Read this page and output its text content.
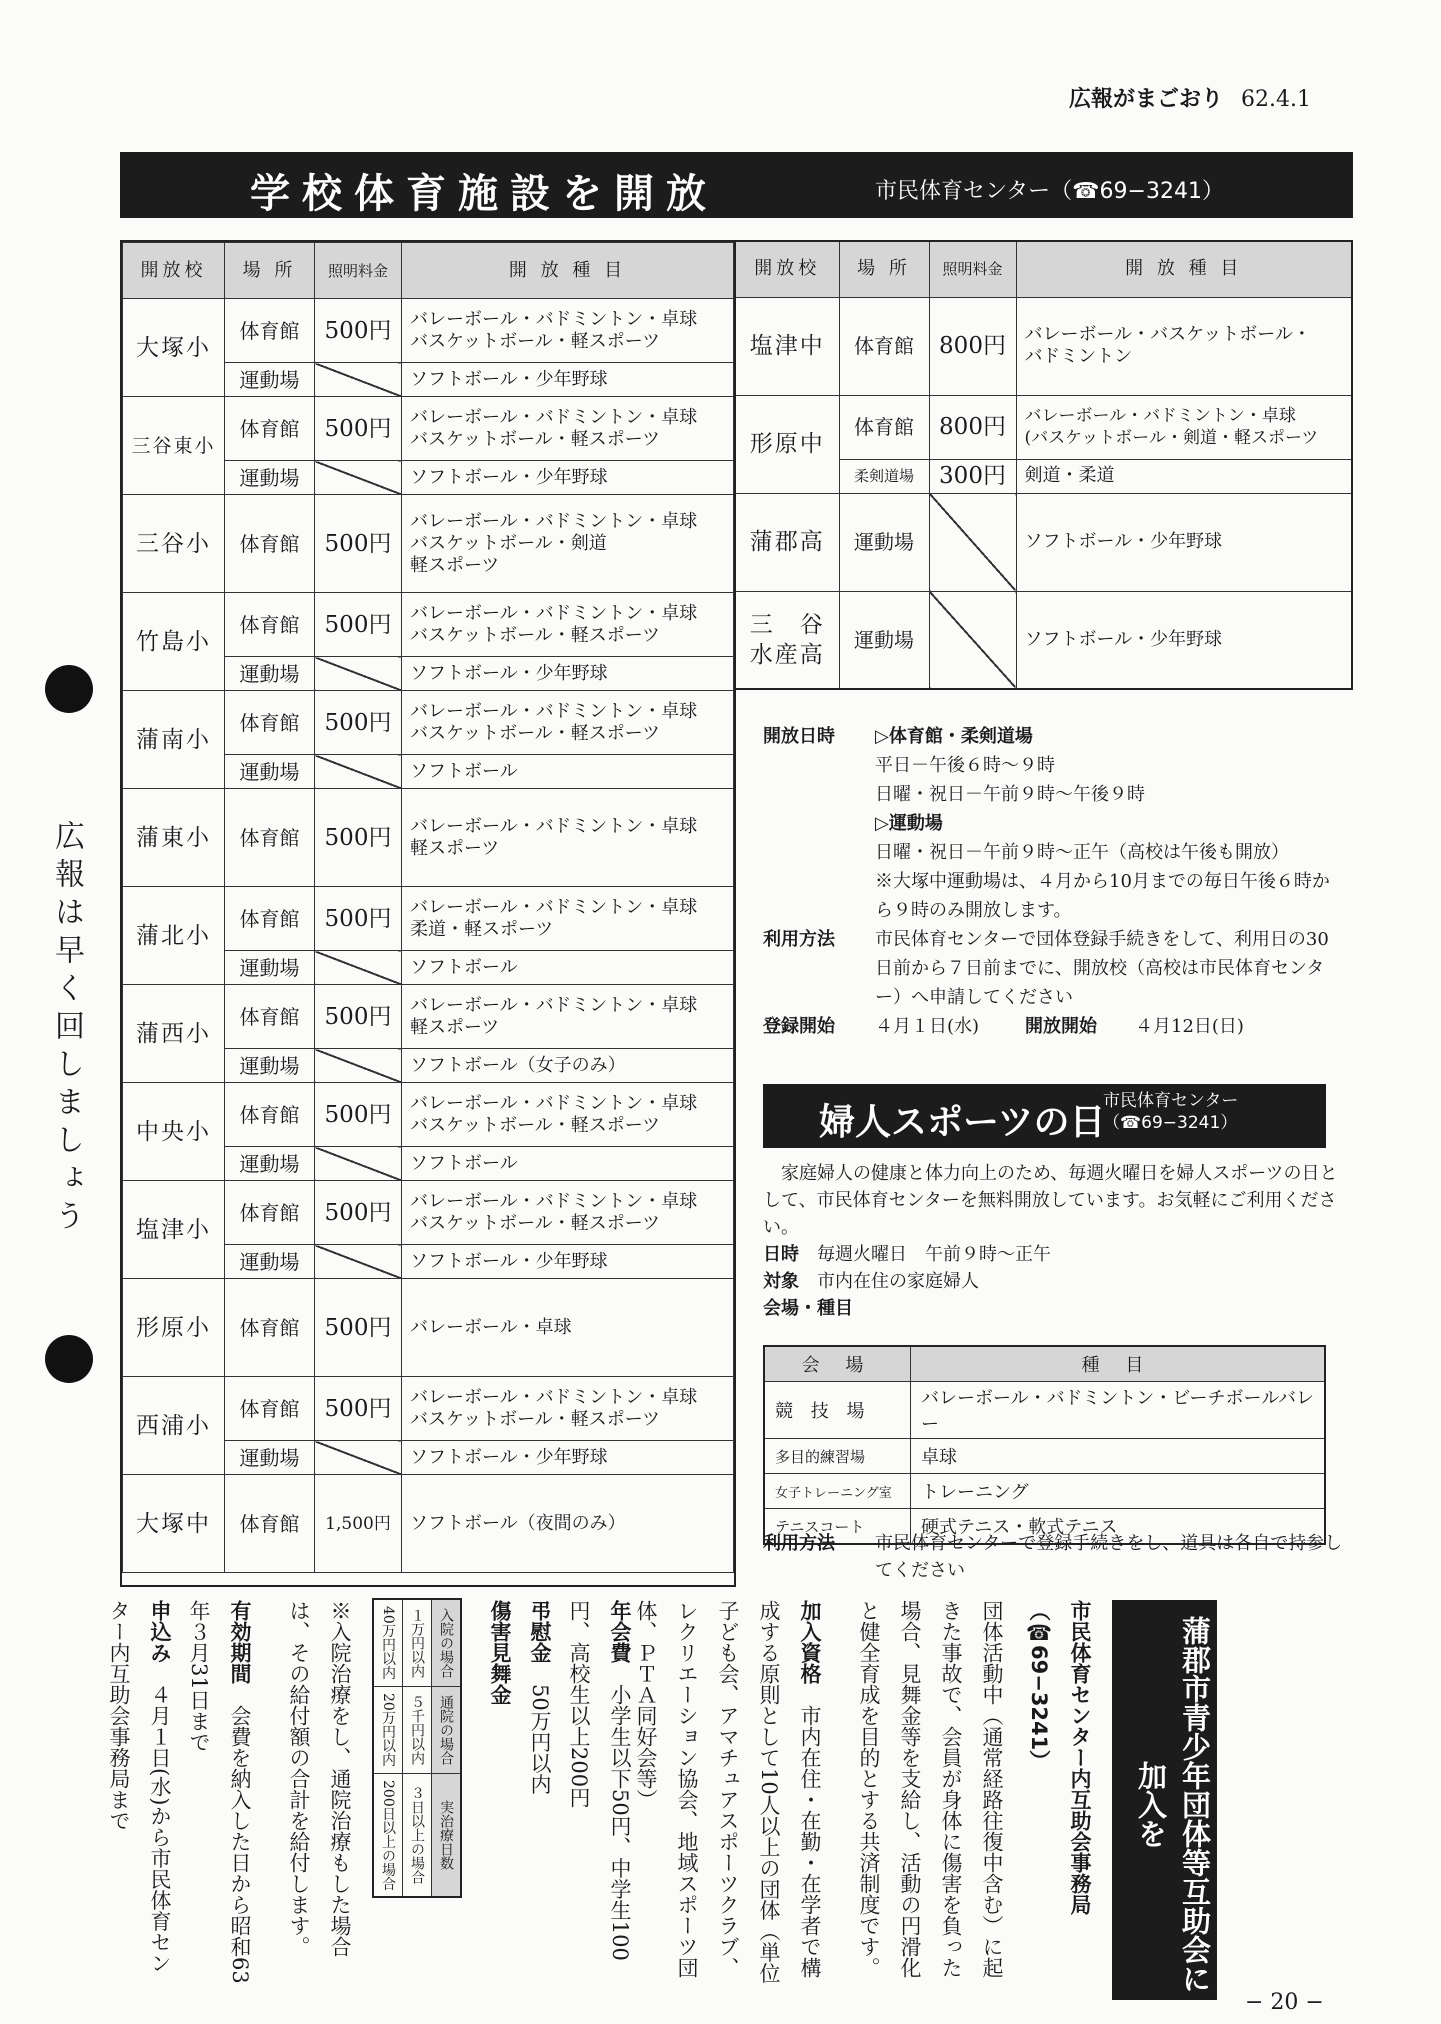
広報がまごおり 62.4.1
学校体育施設を開放	市民体育センター（☎69−3241）
開放校	場 所	照明料金	開 放 種 目
大塚小	体育館	500円	バレーボール・バドミントン・卓球
バスケットボール・軽スポーツ
	運動場		ソフトボール・少年野球
三谷東小	体育館	500円	バレーボール・バドミントン・卓球
バスケットボール・軽スポーツ
	運動場		ソフトボール・少年野球
三谷小	体育館	500円	バレーボール・バドミントン・卓球
バスケットボール・剣道
軽スポーツ
竹島小	体育館	500円	バレーボール・バドミントン・卓球
バスケットボール・軽スポーツ
	運動場		ソフトボール・少年野球
蒲南小	体育館	500円	バレーボール・バドミントン・卓球
バスケットボール・軽スポーツ
	運動場		ソフトボール
蒲東小	体育館	500円	バレーボール・バドミントン・卓球
軽スポーツ
蒲北小	体育館	500円	バレーボール・バドミントン・卓球
柔道・軽スポーツ
	運動場		ソフトボール
蒲西小	体育館	500円	バレーボール・バドミントン・卓球
軽スポーツ
	運動場		ソフトボール（女子のみ）
中央小	体育館	500円	バレーボール・バドミントン・卓球
バスケットボール・軽スポーツ
	運動場		ソフトボール
塩津小	体育館	500円	バレーボール・バドミントン・卓球
バスケットボール・軽スポーツ
	運動場		ソフトボール・少年野球
形原小	体育館	500円	バレーボール・卓球
西浦小	体育館	500円	バレーボール・バドミントン・卓球
バスケットボール・軽スポーツ
	運動場		ソフトボール・少年野球
大塚中	体育館	1,500円	ソフトボール（夜間のみ）
開放校	場 所	照明料金	開 放 種 目
塩津中	体育館	800円	バレーボール・バスケットボール・
バドミントン
形原中	体育館	800円	バレーボール・バドミントン・卓球
(バスケットボール・剣道・軽スポーツ
	柔剣道場	300円	剣道・柔道
蒲郡高	運動場		ソフトボール・少年野球
三　谷
水産高	運動場		ソフトボール・少年野球
開放日時	▷体育館・柔剣道場
平日－午後６時～９時
日曜・祝日－午前９時～午後９時
▷運動場
日曜・祝日－午前９時～正午（高校は午後も開放）
※大塚中運動場は、４月から10月までの毎日午後６時から９時のみ開放します。
利用方法	市民体育センターで団体登録手続きをして、利用日の30日前から７日前までに、開放校（高校は市民体育センター）へ申請してください
登録開始	４月１日(水)	開放開始	４月12日(日)
婦人スポーツの日
市民体育センター
（☎69−3241）
家庭婦人の健康と体力向上のため、毎週火曜日を婦人スポーツの日として、市民体育センターを無料開放しています。お気軽にご利用ください。
日時　 毎週火曜日　午前９時～正午
対象　 市内在住の家庭婦人
会場・種目
会 場	種 目
競 技 場	バレーボール・バドミントン・ビーチボールバレー
多目的練習場	卓球
女子トレーニング室	トレーニング
テニスコート	硬式テニス・軟式テニス
利用方法	市民体育センターで登録手続きをし、道具は各自で持参してください
広報は早く回しましょう
蒲郡市青少年団体等互助会に加入を
市民体育センター内互助会事務局（☎69−3241）
団体活動中（通常経路往復中含む）に起きた事故で、会員が身体に傷害を負った場合、見舞金等を支給し、活動の円滑化と健全育成を目的とする共済制度です。
加入資格　市内在住・在勤・在学者で構成する原則として10人以上の団体（単位子ども会、アマチュアスポーツクラブ、レクリエーション協会、地域スポーツ団体、ＰＴＡ同好会等）
年会費　小学生以下50円、中学生100円、高校生以上200円
弔慰金　50万円以内
傷害見舞金
※入院治療をし、通院治療もした場合は、その給付額の合計を給付します。
有効期間　会費を納入した日から昭和63年３月31日まで
申込み　４月１日(水)から市民体育センター内互助会事務局まで	40万円以内	１万円以内	入院の場合
20万円以内	５千円以内	通院の場合
200日以上の場合	３日以上の場合	実治療日数
− 20 −
